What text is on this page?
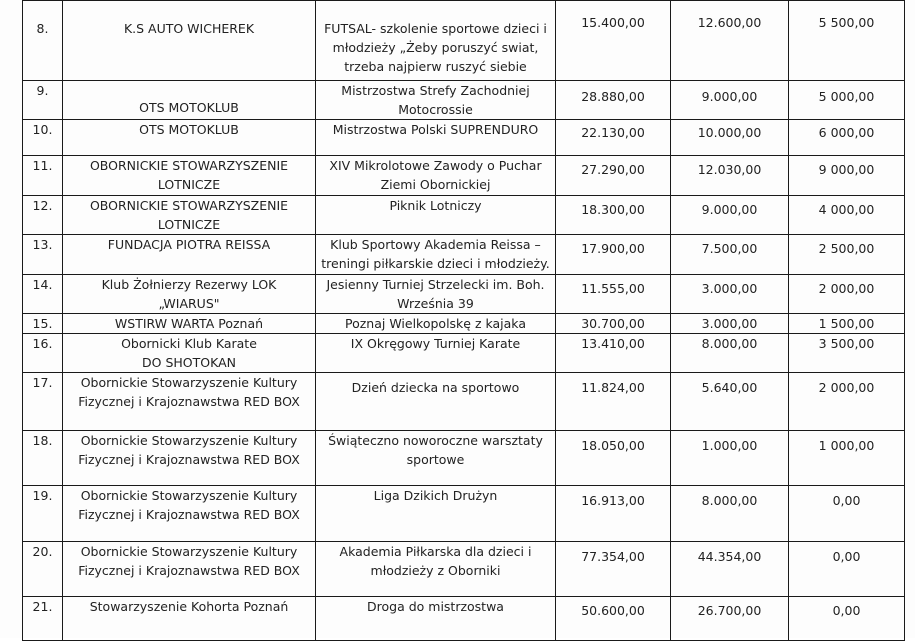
8.	K.S AUTO WICHEREK	FUTSAL- szkolenie sportowe dzieci i
młodzieży „Żeby poruszyć swiat,
trzeba najpierw ruszyć siebie	15.400,00	12.600,00	5 500,00
9.	OTS MOTOKLUB	Mistrzostwa Strefy Zachodniej
Motocrossie	28.880,00	9.000,00	5 000,00
10.	OTS MOTOKLUB	Mistrzostwa Polski SUPRENDURO	22.130,00	10.000,00	6 000,00
11.	OBORNICKIE STOWARZYSZENIE
LOTNICZE	XIV Mikrolotowe Zawody o Puchar
Ziemi Obornickiej	27.290,00	12.030,00	9 000,00
12.	OBORNICKIE STOWARZYSZENIE
LOTNICZE	Piknik Lotniczy	18.300,00	9.000,00	4 000,00
13.	FUNDACJA PIOTRA REISSA	Klub Sportowy Akademia Reissa –
treningi piłkarskie dzieci i młodzieży.	17.900,00	7.500,00	2 500,00
14.	Klub Żołnierzy Rezerwy LOK
„WIARUS"	Jesienny Turniej Strzelecki im. Boh.
Września 39	11.555,00	3.000,00	2 000,00
15.	WSTIRW WARTA Poznań	Poznaj Wielkopolskę z kajaka	30.700,00	3.000,00	1 500,00
16.	Obornicki Klub Karate
DO SHOTOKAN	IX Okręgowy Turniej Karate	13.410,00	8.000,00	3 500,00
17.	Obornickie Stowarzyszenie Kultury
Fizycznej i Krajoznawstwa RED BOX	Dzień dziecka na sportowo	11.824,00	5.640,00	2 000,00
18.	Obornickie Stowarzyszenie Kultury
Fizycznej i Krajoznawstwa RED BOX	Świąteczno noworoczne warsztaty
sportowe	18.050,00	1.000,00	1 000,00
19.	Obornickie Stowarzyszenie Kultury
Fizycznej i Krajoznawstwa RED BOX	Liga Dzikich Drużyn	16.913,00	8.000,00	0,00
20.	Obornickie Stowarzyszenie Kultury
Fizycznej i Krajoznawstwa RED BOX	Akademia Piłkarska dla dzieci i
młodzieży z Oborniki	77.354,00	44.354,00	0,00
21.	Stowarzyszenie Kohorta Poznań	Droga do mistrzostwa	50.600,00	26.700,00	0,00
